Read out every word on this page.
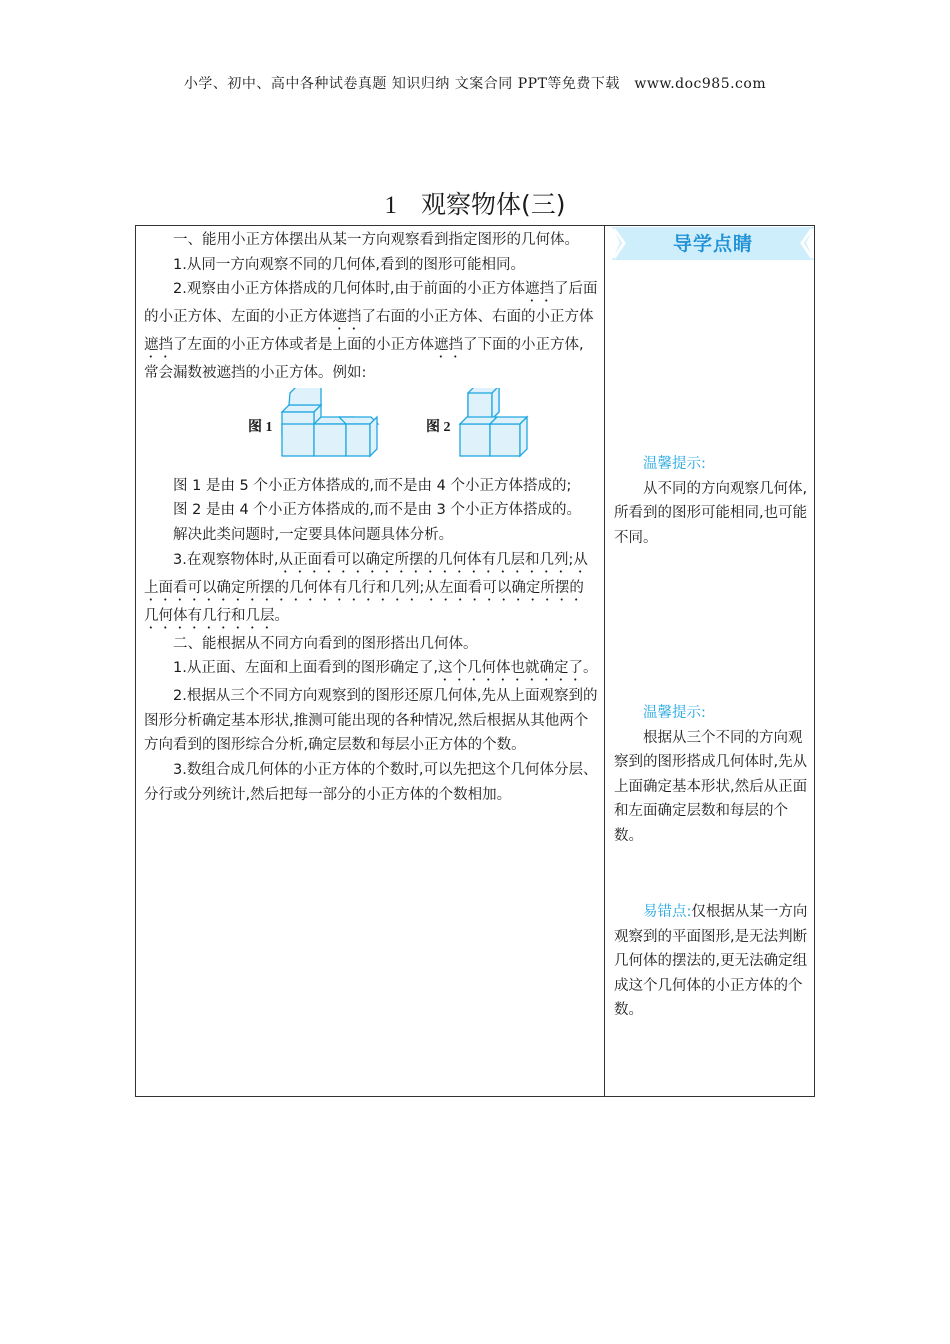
小学、初中、高中各种试卷真题 知识归纳 文案合同 PPT等免费下载　www.doc985.com
1 观察物体(三)
导学点睛

一、能用小正方体摆出从某一方向观察看到指定图形的几何体。

1.从同一方向观察不同的几何体,看到的图形可能相同。

2.观察由小正方体搭成的几何体时,由于前面的小正方体遮挡了后面的小正方体、左面的小正方体遮挡了右面的小正方体、右面的小正方体遮挡了左面的小正方体或者是上面的小正方体遮挡了下面的小正方体,常会漏数被遮挡的小正方体。例如:

图 1	图 2

图 1 是由 5 个小正方体搭成的,而不是由 4 个小正方体搭成的;

图 2 是由 4 个小正方体搭成的,而不是由 3 个小正方体搭成的。

解决此类问题时,一定要具体问题具体分析。

3.在观察物体时,从正面看可以确定所摆的几何体有几层和几列;从上面看可以确定所摆的几何体有几行和几列;从左面看可以确定所摆的几何体有几行和几层。

二、能根据从不同方向看到的图形搭出几何体。

1.从正面、左面和上面看到的图形确定了,这个几何体也就确定了。

2.根据从三个不同方向观察到的图形还原几何体,先从上面观察到的图形分析确定基本形状,推测可能出现的各种情况,然后根据从其他两个方向看到的图形综合分析,确定层数和每层小正方体的个数。

3.数组合成几何体的小正方体的个数时,可以先把这个几何体分层、分行或分列统计,然后把每一部分的小正方体的个数相加。

温馨提示:
从不同的方向观察几何体,所看到的图形可能相同,也可能不同。
温馨提示:
根据从三个不同的方向观察到的图形搭成几何体时,先从上面确定基本形状,然后从正面和左面确定层数和每层的个数。
易错点:仅根据从某一方向观察到的平面图形,是无法判断几何体的摆法的,更无法确定组成这个几何体的小正方体的个数。
